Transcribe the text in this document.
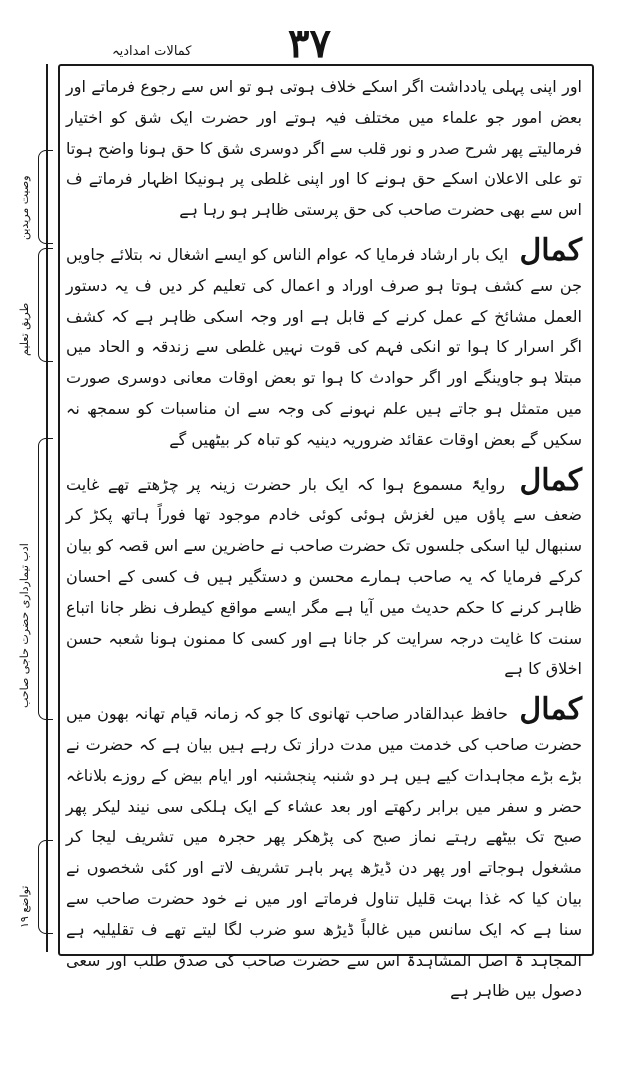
۳۷
کمالات امدادیہ
وصیت مریدین
طریق تعلیم
ادب تیمارداری حضرت حاجی صاحب
تواضع ۱۹

اور اپنی پہلی یادداشت اگر اسکے خلاف ہوتی ہو تو اس سے رجوع فرماتے اور بعض امور جو علماء میں مختلف فیہ ہوتے اور حضرت ایک شق کو اختیار فرمالیتے پھر شرح صدر و نور قلب سے اگر دوسری شق کا حق ہونا واضح ہوتا تو علی الاعلان اسکے حق ہونے کا اور اپنی غلطی پر ہونیکا اظہار فرماتے ف اس سے بھی حضرت صاحب کی حق پرستی ظاہر ہو رہا ہے

کمال ایک بار ارشاد فرمایا کہ عوام الناس کو ایسے اشغال نہ بتلائے جاویں جن سے کشف ہوتا ہو صرف اوراد و اعمال کی تعلیم کر دیں ف یہ دستور العمل مشائخ کے عمل کرنے کے قابل ہے اور وجہ اسکی ظاہر ہے کہ کشف اگر اسرار کا ہوا تو انکی فہم کی قوت نہیں غلطی سے زندقہ و الحاد میں مبتلا ہو جاوینگے اور اگر حوادث کا ہوا تو بعض اوقات معانی دوسری صورت میں متمثل ہو جاتے ہیں علم نہونے کی وجہ سے ان مناسبات کو سمجھ نہ سکیں گے بعض اوقات عقائد ضروریہ دینیہ کو تباہ کر بیٹھیں گے

کمال روایۃً مسموع ہوا کہ ایک بار حضرت زینہ پر چڑھتے تھے غایت ضعف سے پاؤں میں لغزش ہوئی کوئی خادم موجود تھا فوراً ہاتھ پکڑ کر سنبھال لیا اسکی جلسوں تک حضرت صاحب نے حاضرین سے اس قصہ کو بیان کرکے فرمایا کہ یہ صاحب ہمارے محسن و دستگیر ہیں ف کسی کے احسان ظاہر کرنے کا حکم حدیث میں آیا ہے مگر ایسے مواقع کیطرف نظر جانا اتباع سنت کا غایت درجہ سرایت کر جانا ہے اور کسی کا ممنون ہونا شعبہ حسن اخلاق کا ہے

کمال حافظ عبدالقادر صاحب تھانوی کا جو کہ زمانہ قیام تھانہ بھون میں حضرت صاحب کی خدمت میں مدت دراز تک رہے ہیں بیان ہے کہ حضرت نے بڑے بڑے مجاہدات کیے ہیں ہر دو شنبہ پنجشنبہ اور ایام بیض کے روزے بلاناغہ حضر و سفر میں برابر رکھتے اور بعد عشاء کے ایک ہلکی سی نیند لیکر پھر صبح تک بیٹھے رہتے نماز صبح کی پڑھکر پھر حجرہ میں تشریف لیجا کر مشغول ہوجاتے اور پھر دن ڈیڑھ پہر باہر تشریف لاتے اور کئی شخصوں نے بیان کیا کہ غذا بہت قلیل تناول فرماتے اور میں نے خود حضرت صاحب سے سنا ہے کہ ایک سانس میں غالباً ڈیڑھ سو ضرب لگا لیتے تھے ف تقلیلیہ ہے المجاہد ۃ اصل المشاہدۃ اس سے حضرت صاحب کی صدق طلب اور سعی دصول بیں ظاہر ہے
